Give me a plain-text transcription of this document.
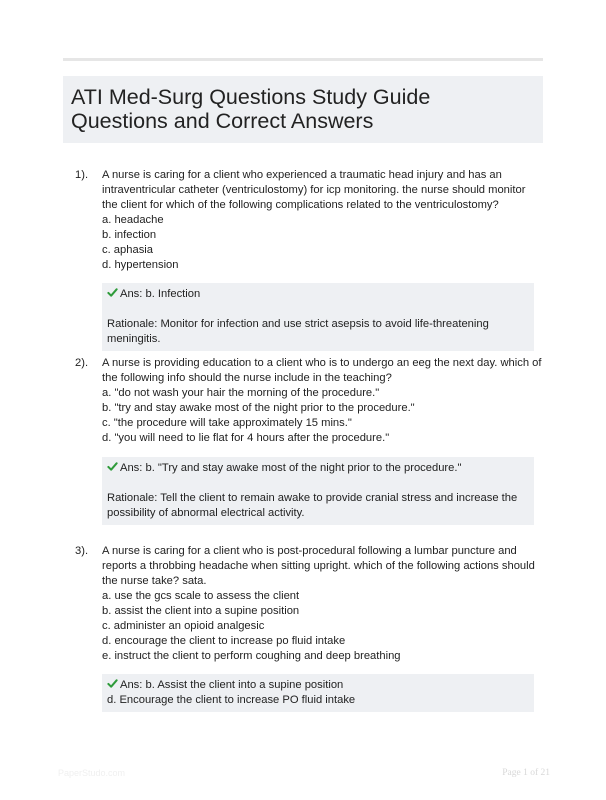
ATI Med-Surg Questions Study Guide Questions and Correct Answers
1). A nurse is caring for a client who experienced a traumatic head injury and has an intraventricular catheter (ventriculostomy) for icp monitoring. the nurse should monitor the client for which of the following complications related to the ventriculostomy?

a. headache

b. infection

c. aphasia

d. hypertension

Ans: b. Infection

Rationale: Monitor for infection and use strict asepsis to avoid life-threatening meningitis.

2). A nurse is providing education to a client who is to undergo an eeg the next day. which of the following info should the nurse include in the teaching?

a. "do not wash your hair the morning of the procedure."

b. "try and stay awake most of the night prior to the procedure."

c. "the procedure will take approximately 15 mins."

d. "you will need to lie flat for 4 hours after the procedure."

Ans: b. "Try and stay awake most of the night prior to the procedure."

Rationale: Tell the client to remain awake to provide cranial stress and increase the possibility of abnormal electrical activity.

3). A nurse is caring for a client who is post-procedural following a lumbar puncture and reports a throbbing headache when sitting upright. which of the following actions should the nurse take? sata.

a. use the gcs scale to assess the client

b. assist the client into a supine position

c. administer an opioid analgesic

d. encourage the client to increase po fluid intake

e. instruct the client to perform coughing and deep breathing

Ans: b. Assist the client into a supine position

d. Encourage the client to increase PO fluid intake

PaperStudo.com	Page 1 of 21
